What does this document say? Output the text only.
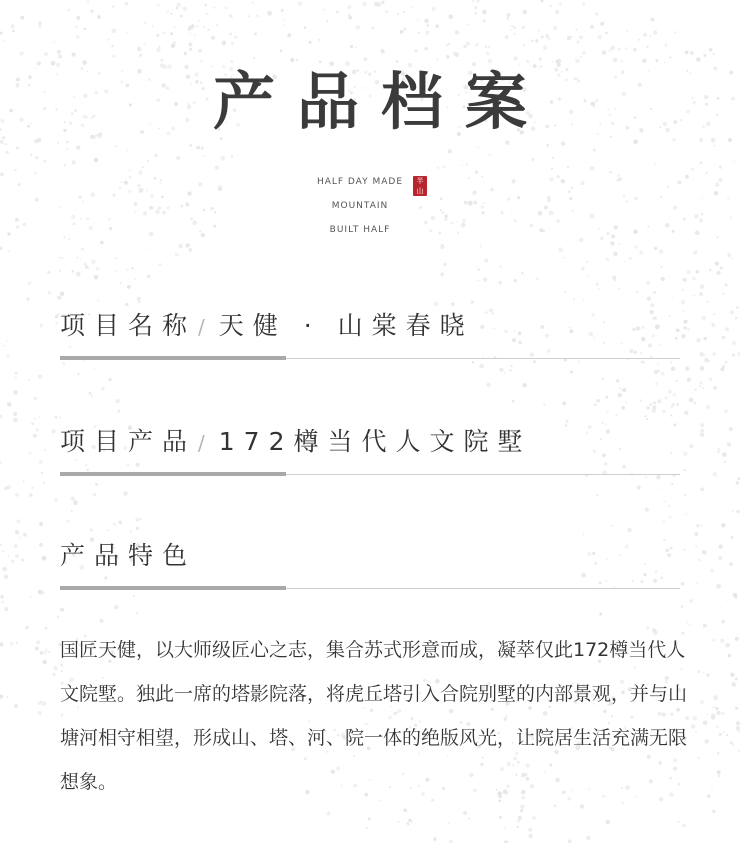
产品档案
HALF DAY MADE
MOUNTAIN
BUILT HALF
半
山
项目名称 / 天健 · 山棠春晓
项目产品 / 172樽当代人文院墅
产品特色

国匠天健，以大师级匠心之志，集合苏式形意而成，凝萃仅此172樽当代人文院墅。独此一席的塔影院落，将虎丘塔引入合院别墅的内部景观，并与山塘河相守相望，形成山、塔、河、院一体的绝版风光，让院居生活充满无限想象。
